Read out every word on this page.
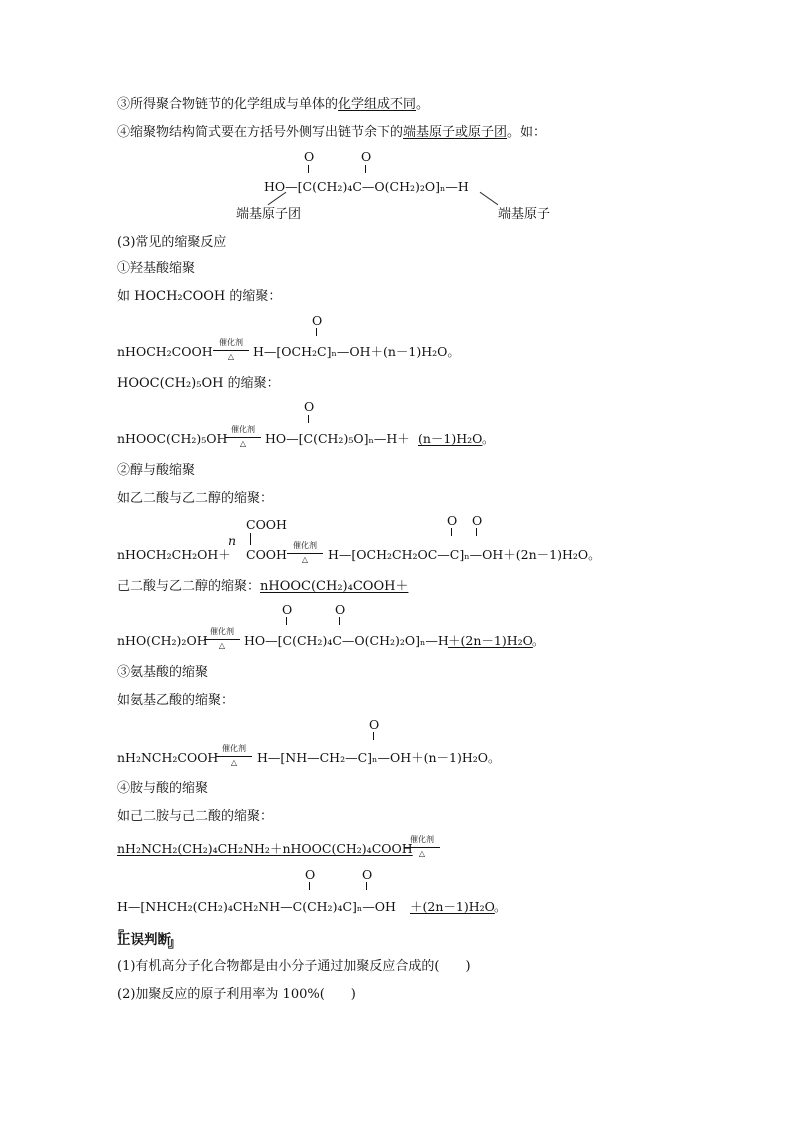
③所得聚合物链节的化学组成与单体的化学组成不同。
④缩聚物结构简式要在方括号外侧写出链节余下的端基原子或原子团。如：
O	O
HO—[C(CH₂)₄C—O(CH₂)₂O]ₙ—H
端基原子团	端基原子
(3)常见的缩聚反应
①羟基酸缩聚
如 HOCH₂COOH 的缩聚：
O
nHOCH₂COOH
催化剂
△	H—[OCH₂C]ₙ—OH＋(n－1)H₂O。
HOOC(CH₂)₅OH 的缩聚：
O
nHOOC(CH₂)₅OH
催化剂
△	HO—[C(CH₂)₅O]ₙ—H＋ (n－1)H₂O 。
②醇与酸缩聚
如乙二酸与乙二醇的缩聚：
n
COOH	O O
nHOCH₂CH₂OH＋ COOH
催化剂
△	H—[OCH₂CH₂OC—C]ₙ—OH＋(2n－1)H₂O。
己二酸与乙二醇的缩聚：nHOOC(CH₂)₄COOH＋
O	O
nHO(CH₂)₂OH
催化剂
△	HO—[C(CH₂)₄C—O(CH₂)₂O]ₙ—H ＋(2n－1)H₂O 。
③氨基酸的缩聚
如氨基乙酸的缩聚：
O
nH₂NCH₂COOH
催化剂
△	H—[NH—CH₂—C]ₙ—OH＋(n－1)H₂O。
④胺与酸的缩聚
如己二胺与己二酸的缩聚：
nH₂NCH₂(CH₂)₄CH₂NH₂＋nHOOC(CH₂)₄COOH
催化剂
△
O	O
H—[NHCH₂(CH₂)₄CH₂NH—C(CH₂)₄C]ₙ—OH ＋(2n－1)H₂O 。
『 正误判断 』
(1)有机高分子化合物都是由小分子通过加聚反应合成的(　　)
(2)加聚反应的原子利用率为 100%(　　)
